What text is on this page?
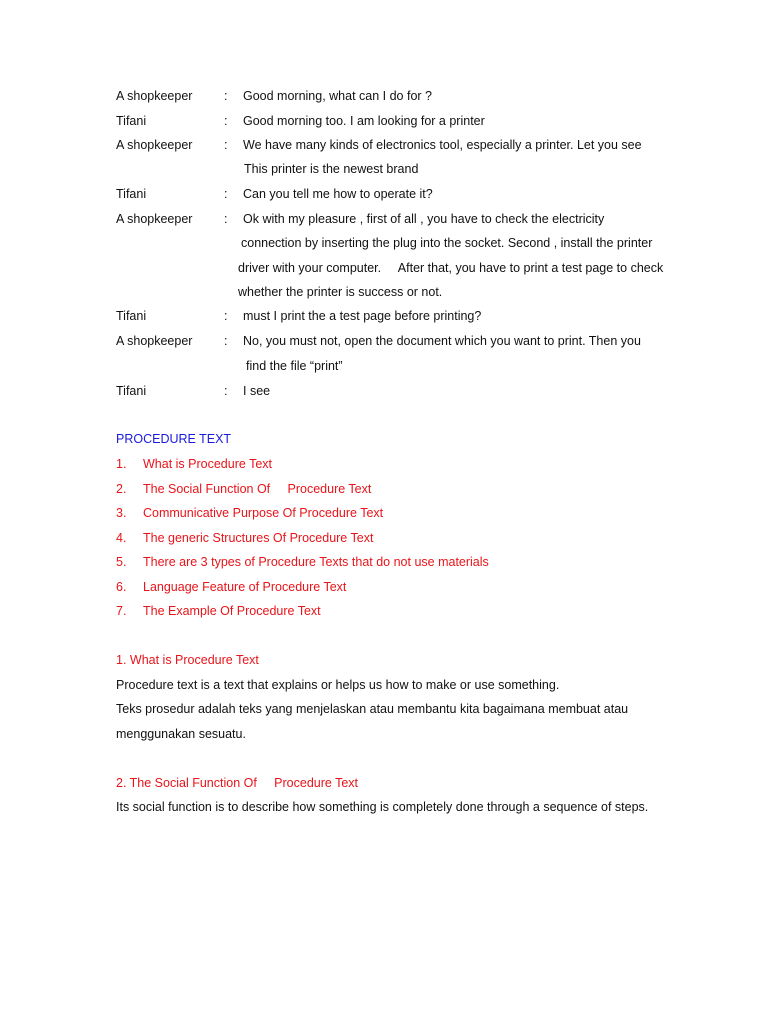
A shopkeeper	: Good morning, what can I do for ?
Tifani	: Good morning too. I am looking for a printer
A shopkeeper	: We have many kinds of electronics tool, especially a printer. Let you see
This printer is the newest brand
Tifani	: Can you tell me how to operate it?
A shopkeeper	: Ok with my pleasure , first of all , you have to check the electricity
connection by inserting the plug into the socket. Second , install the printer
driver with your computer.     After that, you have to print a test page to check
whether the printer is success or not.
Tifani	: must I print the a test page before printing?
A shopkeeper	: No, you must not, open the document which you want to print. Then you
find the file “print”
Tifani	: I see
PROCEDURE TEXT
1. What is Procedure Text
2. The Social Function Of     Procedure Text
3. Communicative Purpose Of Procedure Text
4. The generic Structures Of Procedure Text
5. There are 3 types of Procedure Texts that do not use materials
6. Language Feature of Procedure Text
7. The Example Of Procedure Text
1. What is Procedure Text
Procedure text is a text that explains or helps us how to make or use something.
Teks prosedur adalah teks yang menjelaskan atau membantu kita bagaimana membuat atau
menggunakan sesuatu.
2. The Social Function Of     Procedure Text
Its social function is to describe how something is completely done through a sequence of steps.
